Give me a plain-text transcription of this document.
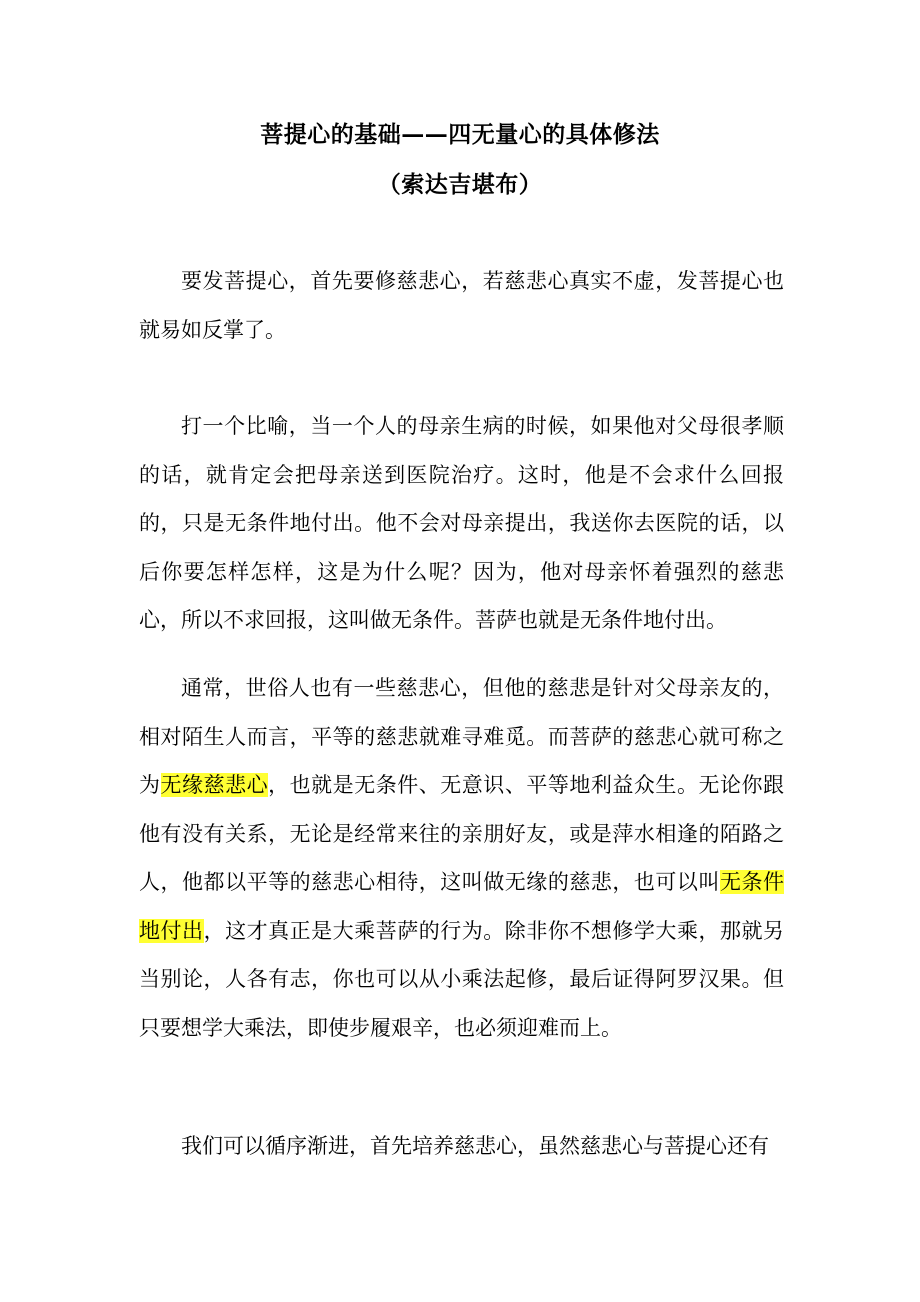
菩提心的基础——四无量心的具体修法
（索达吉堪布）

要发菩提心，首先要修慈悲心，若慈悲心真实不虚，发菩提心也就易如反掌了。

打一个比喻，当一个人的母亲生病的时候，如果他对父母很孝顺的话，就肯定会把母亲送到医院治疗。这时，他是不会求什么回报的，只是无条件地付出。他不会对母亲提出，我送你去医院的话，以后你要怎样怎样，这是为什么呢？因为，他对母亲怀着强烈的慈悲心，所以不求回报，这叫做无条件。菩萨也就是无条件地付出。

通常，世俗人也有一些慈悲心，但他的慈悲是针对父母亲友的，相对陌生人而言，平等的慈悲就难寻难觅。而菩萨的慈悲心就可称之为无缘慈悲心，也就是无条件、无意识、平等地利益众生。无论你跟他有没有关系，无论是经常来往的亲朋好友，或是萍水相逢的陌路之人，他都以平等的慈悲心相待，这叫做无缘的慈悲，也可以叫无条件地付出，这才真正是大乘菩萨的行为。除非你不想修学大乘，那就另当别论，人各有志，你也可以从小乘法起修，最后证得阿罗汉果。但只要想学大乘法，即使步履艰辛，也必须迎难而上。

我们可以循序渐进，首先培养慈悲心，虽然慈悲心与菩提心还有
